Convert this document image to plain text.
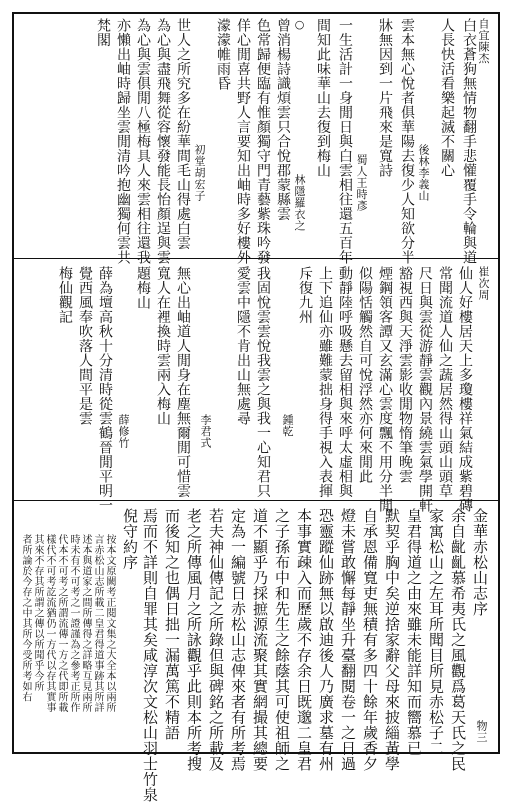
自宜陳杰
白衣蒼狗無情物翻手悲懽覆手令輪與道
人長快活看樂起滅不關心
後林李義山
雲本無心悅者俱華陽去復少人知欲分半
牀無因到一片飛來是寬詩
蜀人王時彥
一生活計一身閒日與白雲相往還五百年
間知此味華山去復到梅山
林隱羅衣之
○
曾消楊詩識煩雲只合悅郡蒙縣雲
色常歸便臨有惟顏獨守門青藝紫珠吟發
佯心閒喜共野人言要知出岫時多好樓外
濛濛帷雨昏
初堂胡宏子
世人之所究多在紛華間毛山得處白雲
為心與盡飛舞從容懷發能長怡顏逞與雲
為心與雲俱閒八極梅具人來雲相往還我
亦懶出岫時歸坐雲閒清吟抱幽獨何雲共
梵閣
崔次周
仙人好樓居天上多瓊樓祥氣結成紫碧磚
常聞流道人仙之蔬居然得山頭山頭草
尺日與雲從游靜雲觀內景繞雲氣學開軒
豁視西與天淨雲影收閒物惰筆晚雲
煙鋼領客譚又玄滿心雲度飄不用分半閒
似陽恬觸然自可悅浮然亦何來閒此
動靜陸呼吸懸去留相與來呼太虛相與
上下追仙亦雖難蒙拙身得手視入表揮
斥復九州
鍾乾
我固悅雲雲悅我雲之與我一心知君只
愛雲中隱不肯出山無處尋
李君式
無心出岫道人閒身在塵無爾閒可惜雲
寬人在裡換時雲兩入梅山
題梅山
薛修竹
薛為壇高秋十分清時從雲鶴晉閒平明一
覺西風奉吹落人間平是雲
梅仙觀記
金華赤松山志序
物三
余自齔齓慕希夷氏之風觀爲葛天氏之民
家寓松山之左耳所聞目所見赤松子二
皇君得道之由來雖未能詳知而嚮慕已
默契乎胸中矣逆捨家辭父母來披緇黃學
自承恩備寬吏無積有多四十餘年歲香夕
燈未嘗敢懈每靜坐升臺翻閱卷一之日過
恐靈蹤仙跡無以啟迪後人乃廣求墓有州
本事實疎入而歷歲不存余日既邈二皇君
之子孫布中和先生之餘蔭其可使祖師之
道不顯乎乃採摭源流聚其實網撮其總要
定為一編號日赤松山志俾來者有所考焉
若夫神仙傳記之所錄但與碑銘之所載及
老之所傳風月之所詠觀乎此則本所考搜
而後知之也偶日拙一漏萬篤不精語
焉而不詳則自罪其矣咸淳次文松山羽士竹泉
倪守約序
按本文原闕考正閱文集之大全本以兩所
言赤松山志所載二皇君得道事跡其所詳
述本與道家之間所傳得之詳略互見兩所
時未有不可考之一證謹為之參考正所作
代本不可考之所謂流傳一方之代即所載
樣代不可考訖流猶仍一方代以存其實事
其來不存其所謂之傳以所聞乎今所
者所論於今存之中其所今受所考如右
